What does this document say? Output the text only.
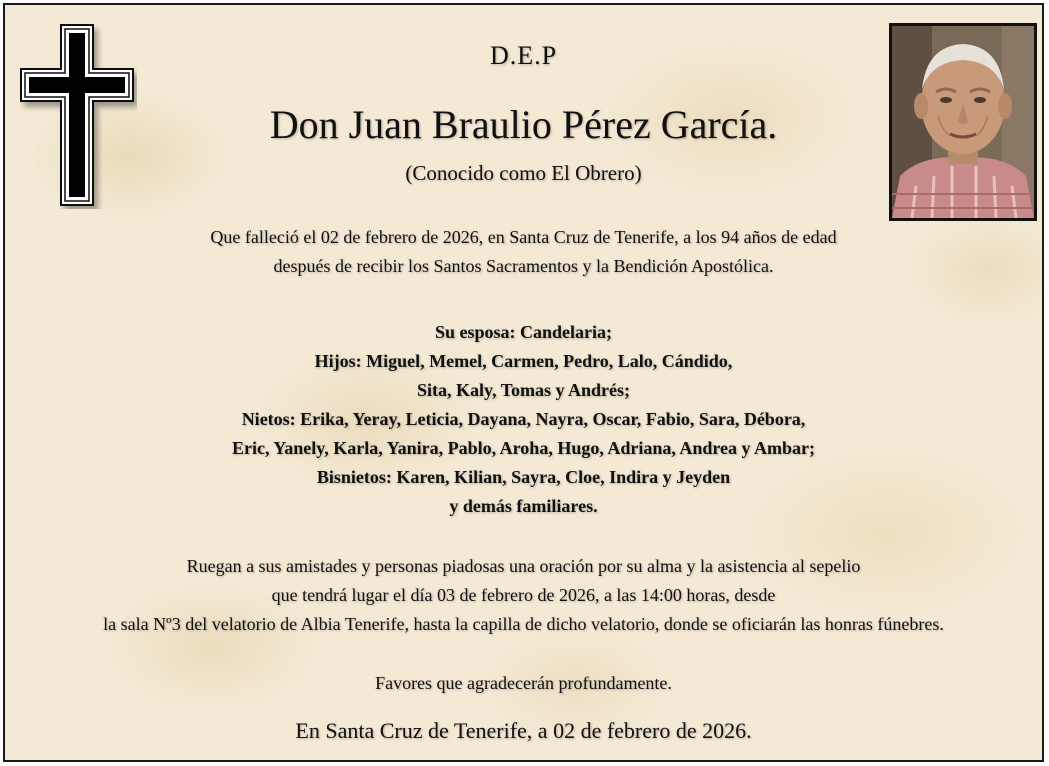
D.E.P
Don Juan Braulio Pérez García.
(Conocido como El Obrero)
Que falleció el 02 de febrero de 2026, en Santa Cruz de Tenerife, a los 94 años de edad
después de recibir los Santos Sacramentos y la Bendición Apostólica.
Su esposa: Candelaria;
Hijos: Miguel, Memel, Carmen, Pedro, Lalo, Cándido,
Sita, Kaly, Tomas y Andrés;
Nietos: Erika, Yeray, Leticia, Dayana, Nayra, Oscar, Fabio, Sara, Débora,
Eric, Yanely, Karla, Yanira, Pablo, Aroha, Hugo, Adriana, Andrea y Ambar;
Bisnietos: Karen, Kilian, Sayra, Cloe, Indira y Jeyden
y demás familiares.
Ruegan a sus amistades y personas piadosas una oración por su alma y la asistencia al sepelio
que tendrá lugar el día 03 de febrero de 2026, a las 14:00 horas, desde
la sala Nº3 del velatorio de Albia Tenerife, hasta la capilla de dicho velatorio, donde se oficiarán las honras fúnebres.
Favores que agradecerán profundamente.
En Santa Cruz de Tenerife, a 02 de febrero de 2026.
